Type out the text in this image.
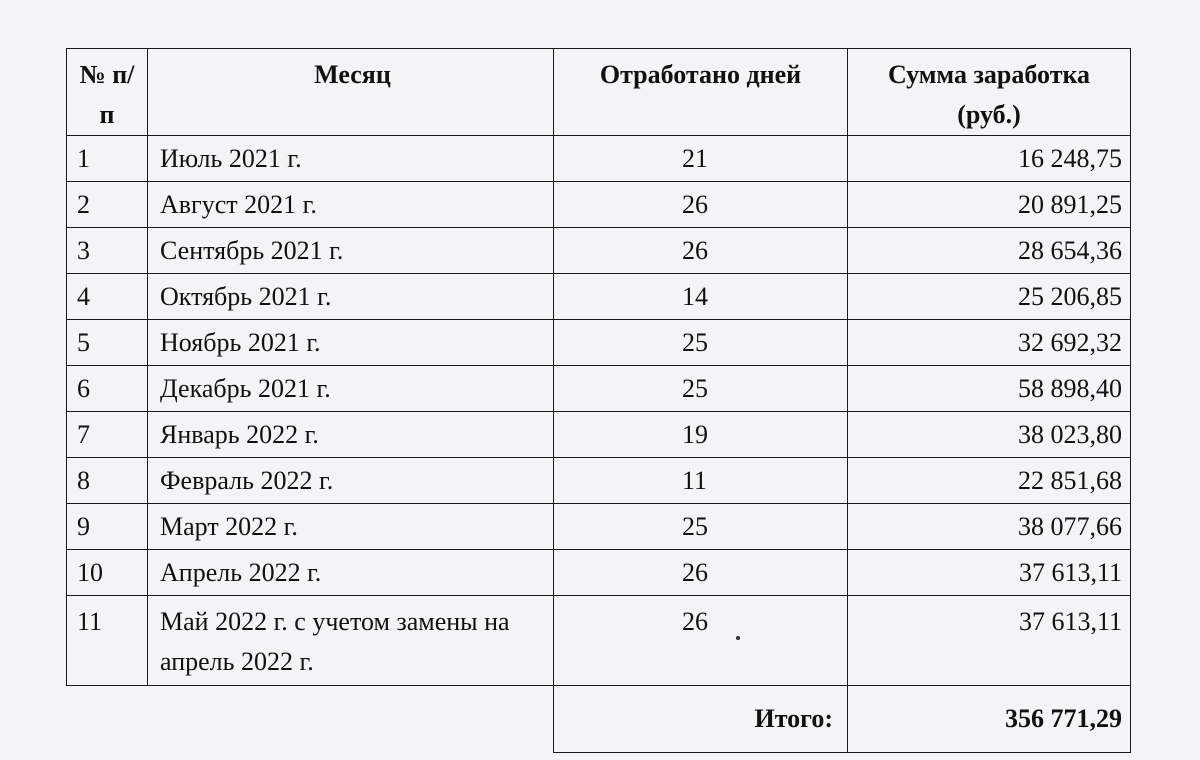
№ п/п	Месяц	Отработано дней	Сумма заработка (руб.)
1	Июль 2021 г.	21	16 248,75
2	Август 2021 г.	26	20 891,25
3	Сентябрь 2021 г.	26	28 654,36
4	Октябрь 2021 г.	14	25 206,85
5	Ноябрь 2021 г.	25	32 692,32
6	Декабрь 2021 г.	25	58 898,40
7	Январь 2022 г.	19	38 023,80
8	Февраль 2022 г.	11	22 851,68
9	Март 2022 г.	25	38 077,66
10	Апрель 2022 г.	26	37 613,11
11	Май 2022 г. с учетом замены на апрель 2022 г.	26	37 613,11
		Итого:	356 771,29
